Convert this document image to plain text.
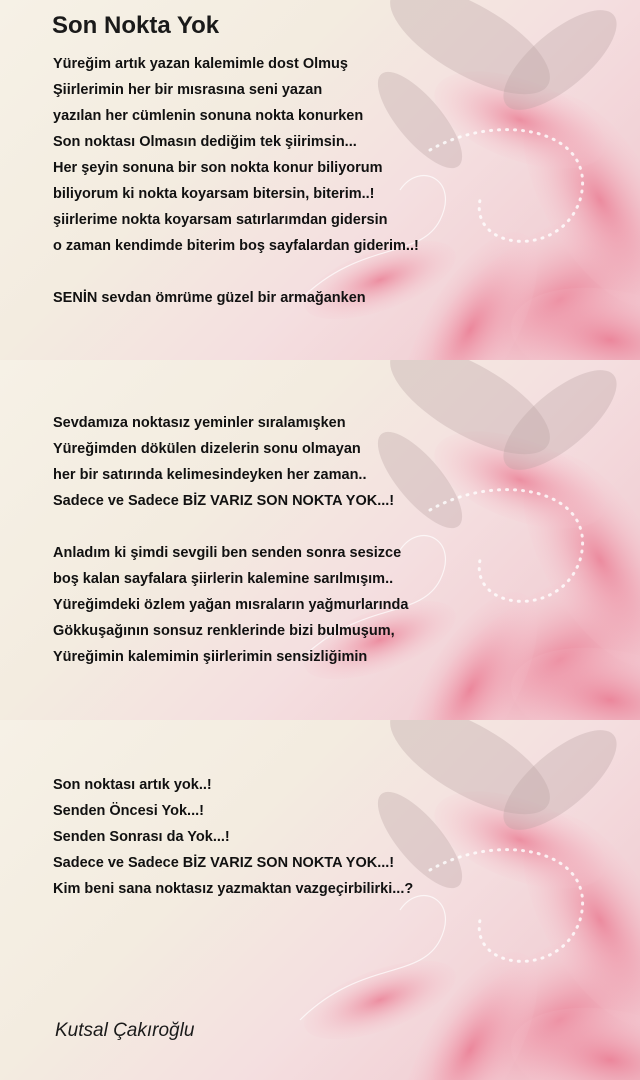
Son Nokta Yok
Yüreğim artık yazan kalemimle dost Olmuş
Şiirlerimin her bir mısrasına seni yazan
yazılan her cümlenin sonuna nokta konurken
Son noktası Olmasın dediğim tek şiirimsin...
Her şeyin sonuna bir son nokta konur biliyorum
biliyorum ki nokta koyarsam bitersin, biterim..!
şiirlerime nokta koyarsam satırlarımdan gidersin
o zaman kendimde biterim boş sayfalardan giderim..!
SENİN sevdan ömrüme güzel bir armağanken
Sevdamıza noktasız yeminler sıralamışken
Yüreğimden dökülen dizelerin sonu olmayan
her bir satırında kelimesindeyken her zaman..
Sadece ve Sadece BİZ VARIZ SON NOKTA YOK...!
Anladım ki şimdi sevgili ben senden sonra sesizce
boş kalan sayfalara şiirlerin kalemine sarılmışım..
Yüreğimdeki özlem yağan mısraların yağmurlarında
Gökkuşağının sonsuz renklerinde bizi bulmuşum,
Yüreğimin kalemimin şiirlerimin sensizliğimin
Son noktası artık yok..!
Senden Öncesi Yok...!
Senden Sonrası da Yok...!
Sadece ve Sadece BİZ VARIZ SON NOKTA YOK...!
Kim beni sana noktasız yazmaktan vazgeçirbilirki...?

Kutsal Çakıroğlu
